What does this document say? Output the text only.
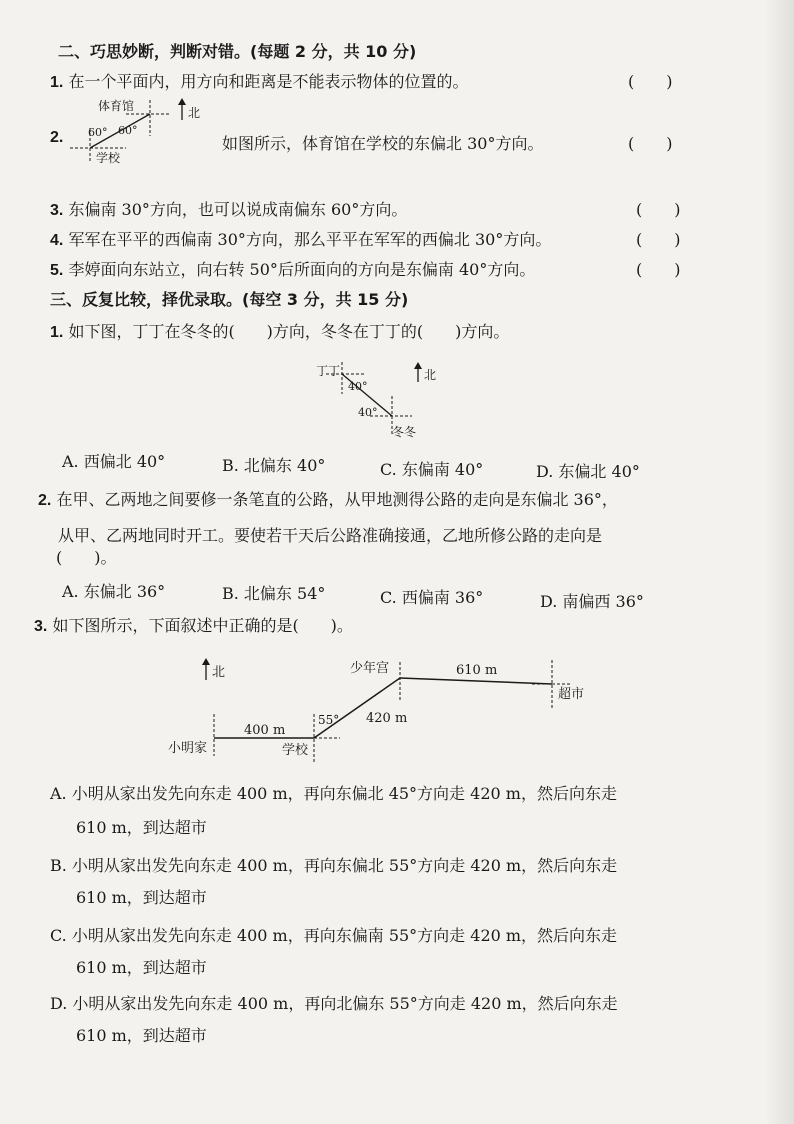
二、巧思妙断，判断对错。(每题 2 分，共 10 分)
1. 在一个平面内，用方向和距离是不能表示物体的位置的。	(　　)
2.
体育馆
学校
60° 60°
北
如图所示，体育馆在学校的东偏北 30°方向。	(　　)
3. 东偏南 30°方向，也可以说成南偏东 60°方向。	(　　)
4. 军军在平平的西偏南 30°方向，那么平平在军军的西偏北 30°方向。	(　　)
5. 李婷面向东站立，向右转 50°后所面向的方向是东偏南 40°方向。	(　　)
三、反复比较，择优录取。(每空 3 分，共 15 分)
1. 如下图，丁丁在冬冬的(　　)方向，冬冬在丁丁的(　　)方向。
丁丁
冬冬
40°
40°
北
A. 西偏北 40°	B. 北偏东 40°	C. 东偏南 40°	D. 东偏北 40°
2. 在甲、乙两地之间要修一条笔直的公路，从甲地测得公路的走向是东偏北 36°，
从甲、乙两地同时开工。要使若干天后公路准确接通，乙地所修公路的走向是
(　　)。
A. 东偏北 36°	B. 北偏东 54°	C. 西偏南 36°	D. 南偏西 36°
3. 如下图所示，下面叙述中正确的是(　　)。
北
小明家	学校
少年宫
超市
400 m
420 m
610 m
55°
A. 小明从家出发先向东走 400 m，再向东偏北 45°方向走 420 m，然后向东走
610 m，到达超市
B. 小明从家出发先向东走 400 m，再向东偏北 55°方向走 420 m，然后向东走
610 m，到达超市
C. 小明从家出发先向东走 400 m，再向东偏南 55°方向走 420 m，然后向东走
610 m，到达超市
D. 小明从家出发先向东走 400 m，再向北偏东 55°方向走 420 m，然后向东走
610 m，到达超市
